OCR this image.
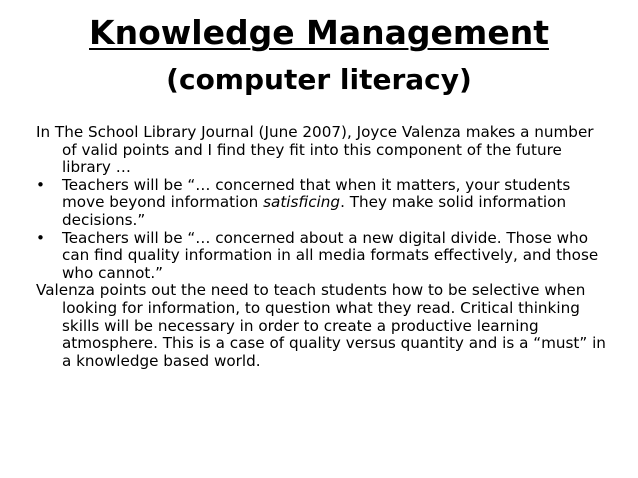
Knowledge Management
(computer literacy)

In The School Library Journal (June 2007), Joyce Valenza makes a number of valid points and I find they fit into this component of the future library …

•	Teachers will be “… concerned that when it matters, your students move beyond information satisficing. They make solid information decisions.”

•	Teachers will be “… concerned about a new digital divide. Those who can find quality information in all media formats effectively, and those who cannot.”

Valenza points out the need to teach students how to be selective when looking for information, to question what they read. Critical thinking skills will be necessary in order to create a productive learning atmosphere. This is a case of quality versus quantity and is a “must” in a knowledge based world.
